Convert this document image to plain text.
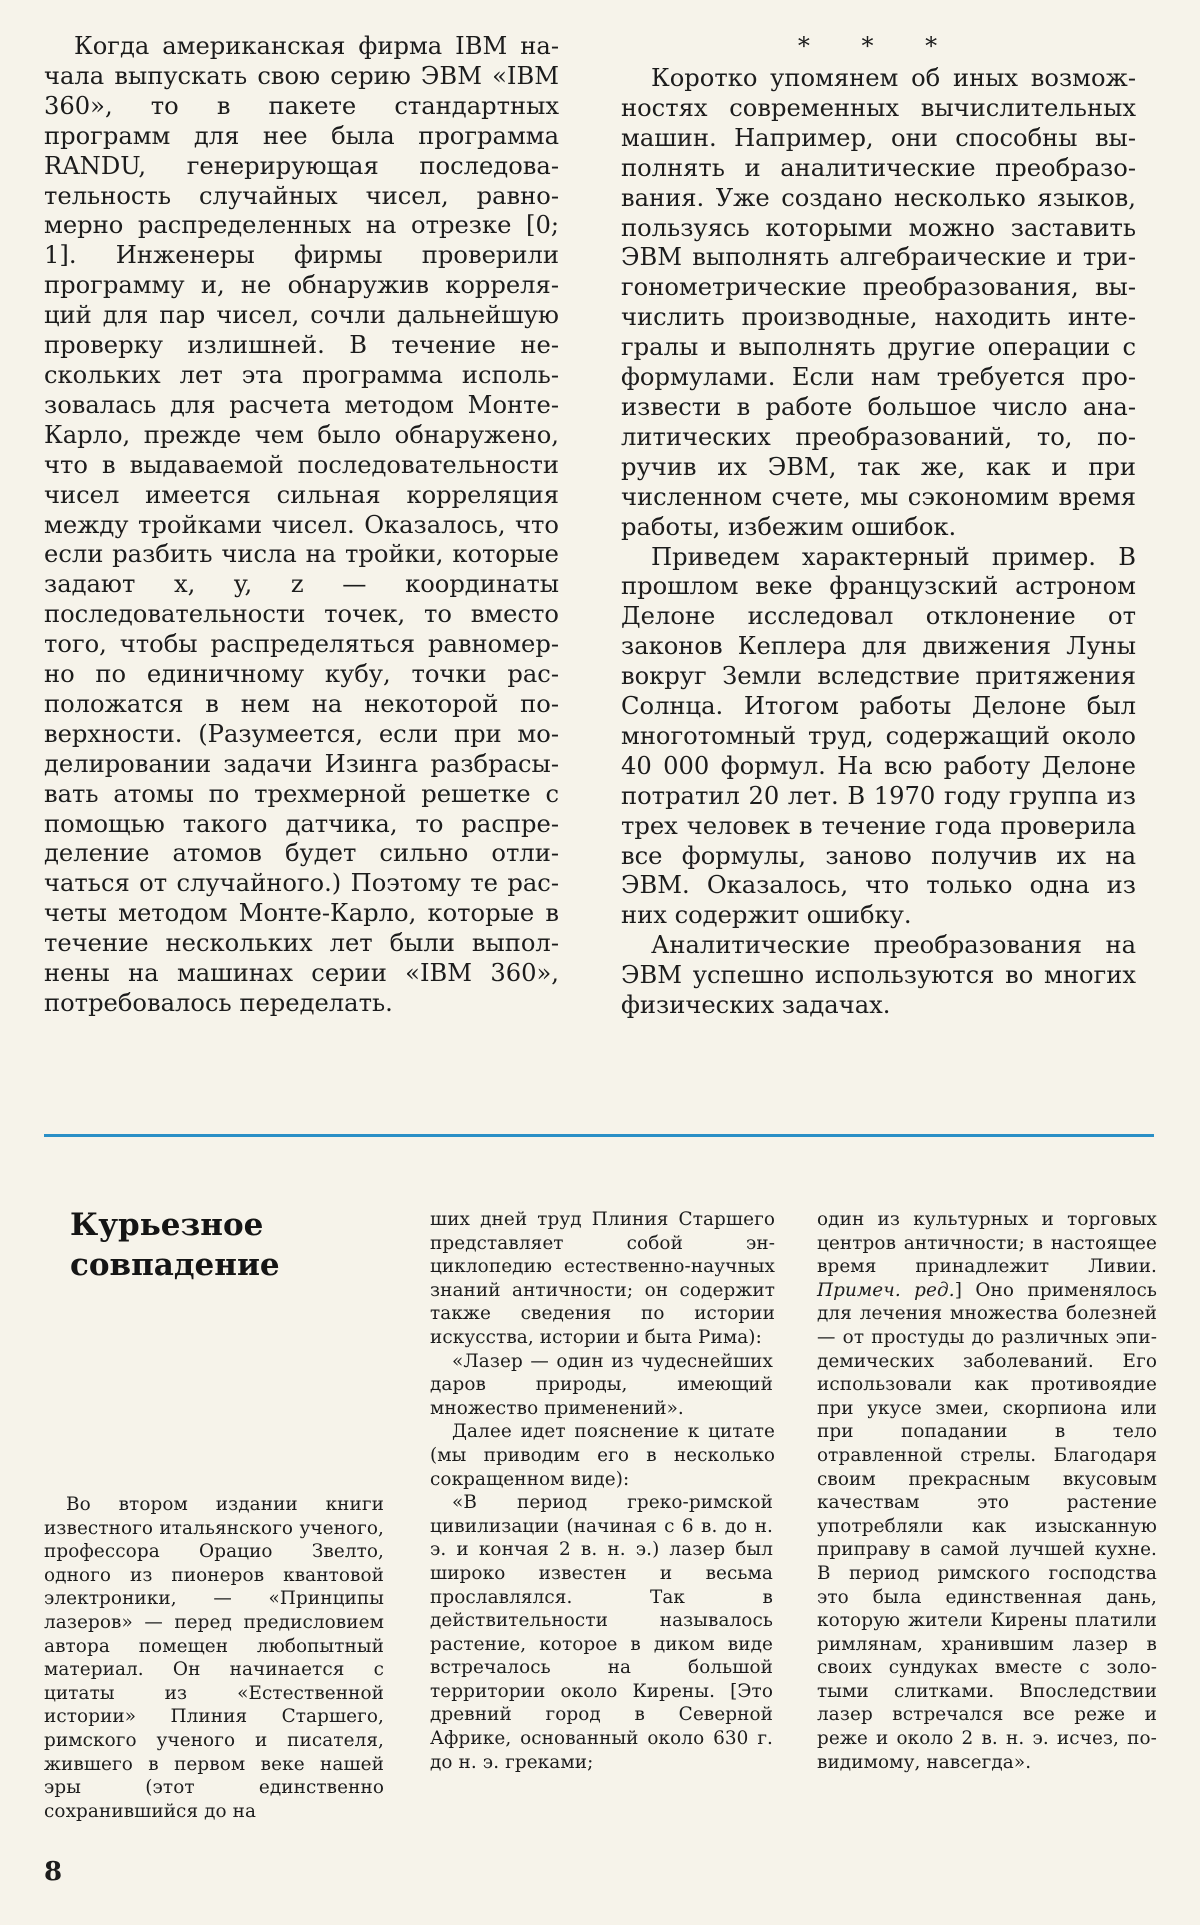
Когда американская фирма IBM начала выпускать свою серию ЭВМ «IBM 360», то в пакете стандартных программ для нее была программа RANDU, генерирующая последовательность случайных чисел, равномерно распределенных на отрезке [0; 1]. Инженеры фирмы проверили программу и, не обнаружив корреляций для пар чисел, сочли дальнейшую проверку излишней. В течение нескольких лет эта программа использовалась для расчета методом Монте-Карло, прежде чем было обнаружено, что в выдаваемой последовательности чисел имеется сильная корреляция между тройками чисел. Оказалось, что если разбить числа на тройки, которые задают x, y, z — координаты последовательности точек, то вместо того, чтобы распределяться равномерно по единичному кубу, точки расположатся в нем на некоторой поверхности. (Разумеется, если при моделировании задачи Изинга разбрасывать атомы по трехмерной решетке с помощью такого датчика, то распределение атомов будет сильно отличаться от случайного.) Поэтому те расчеты методом Монте-Карло, которые в течение нескольких лет были выполнены на машинах серии «IBM 360», потребовалось переделать.

* * *

Коротко упомянем об иных возможностях современных вычислительных машин. Например, они способны выполнять и аналитические преобразования. Уже создано несколько языков, пользуясь которыми можно заставить ЭВМ выполнять алгебраические и тригонометрические преобразования, вычислить производные, находить интегралы и выполнять другие операции с формулами. Если нам требуется произвести в работе большое число аналитических преобразований, то, поручив их ЭВМ, так же, как и при численном счете, мы сэкономим время работы, избежим ошибок.

Приведем характерный пример. В прошлом веке французский астроном Делоне исследовал отклонение от законов Кеплера для движения Луны вокруг Земли вследствие притяжения Солнца. Итогом работы Делоне был многотомный труд, содержащий около 40 000 формул. На всю работу Делоне потратил 20 лет. В 1970 году группа из трех человек в течение года проверила все формулы, заново получив их на ЭВМ. Оказалось, что только одна из них содержит ошибку.

Аналитические преобразования на ЭВМ успешно используются во многих физических задачах.

Курьезное совпадение

Во втором издании книги известного итальянского ученого, профессора Орацио Звелто, одного из пионеров квантовой электроники, — «Принципы лазеров» — перед предисловием автора помещен любопытный материал. Он начинается с цитаты из «Естественной истории» Плиния Старшего, римского ученого и писателя, жившего в первом веке нашей эры (этот единственно сохранившийся до на

ших дней труд Плиния Старшего представляет собой энциклопедию естественно-научных знаний античности; он содержит также сведения по истории искусства, истории и быта Рима):

«Лазер — один из чудеснейших даров природы, имеющий множество применений».

Далее идет пояснение к цитате (мы приводим его в несколько сокращенном виде):

«В период греко-римской цивилизации (начиная с 6 в. до н. э. и кончая 2 в. н. э.) лазер был широко известен и весьма прославлялся. Так в действительности называлось растение, которое в диком виде встречалось на большой территории около Кирены. [Это древний город в Северной Африке, основанный около 630 г. до н. э. греками;

один из культурных и торговых центров античности; в настоящее время принадлежит Ливии. Примеч. ред.] Оно применялось для лечения множества болезней — от простуды до различных эпидемических заболеваний. Его использовали как противоядие при укусе змеи, скорпиона или при попадании в тело отравленной стрелы. Благодаря своим прекрасным вкусовым качествам это растение употребляли как изысканную приправу в самой лучшей кухне. В период римского господства это была единственная дань, которую жители Кирены платили римлянам, хранившим лазер в своих сундуках вместе с золотыми слитками. Впоследствии лазер встречался все реже и реже и около 2 в. н. э. исчез, по-видимому, навсегда».

8
